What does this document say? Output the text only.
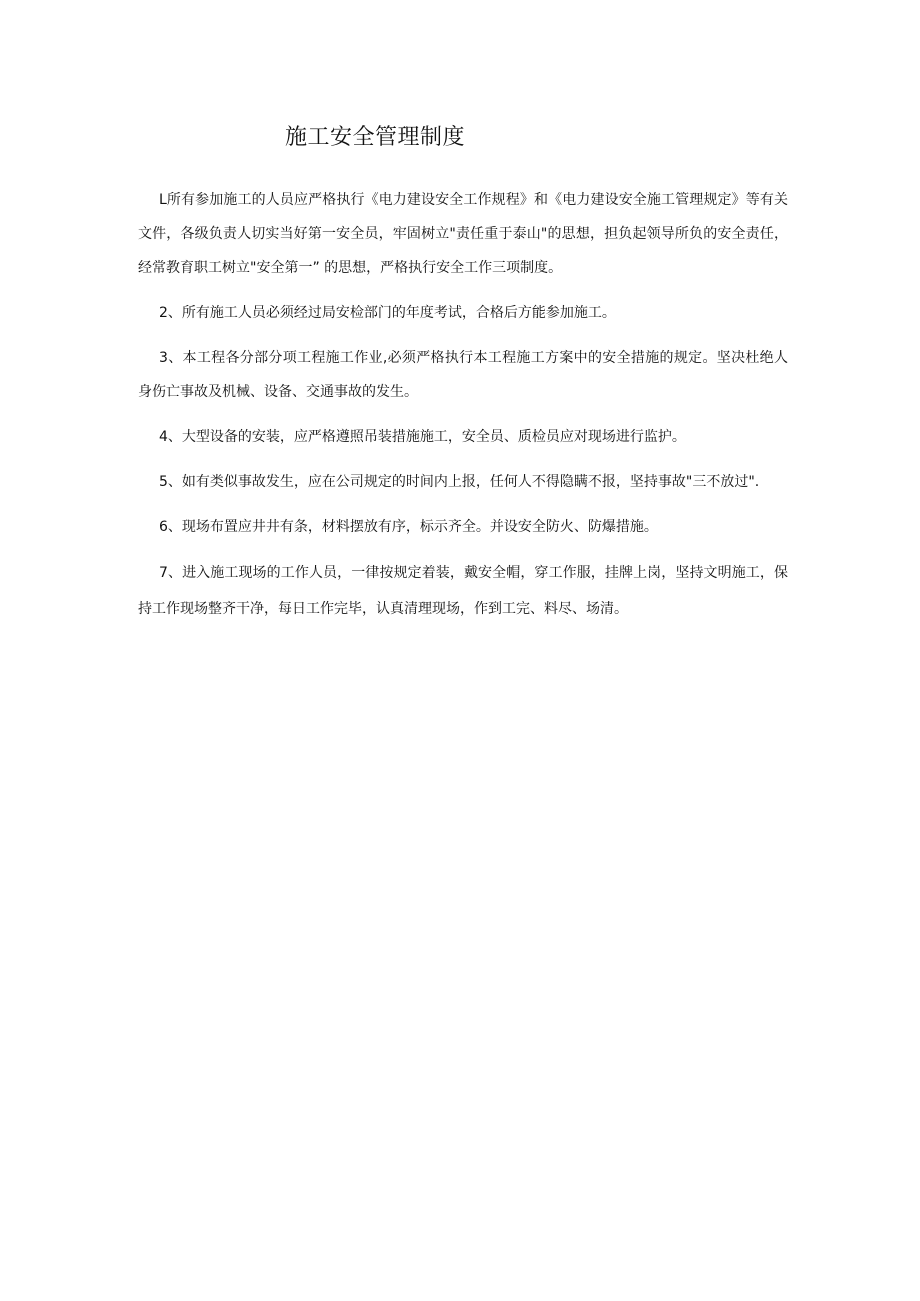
施工安全管理制度

L所有参加施工的人员应严格执行《电力建设安全工作规程》和《电力建设安全施工管理规定》等有关文件，各级负责人切实当好第一安全员，牢固树立"责任重于泰山"的思想，担负起领导所负的安全责任，经常教育职工树立"安全第一” 的思想，严格执行安全工作三项制度。

2、所有施工人员必须经过局安检部门的年度考试，合格后方能参加施工。

3、本工程各分部分项工程施工作业,必须严格执行本工程施工方案中的安全措施的规定。坚决杜绝人身伤亡事故及机械、设备、交通事故的发生。

4、大型设备的安装，应严格遵照吊装措施施工，安全员、质检员应对现场进行监护。

5、如有类似事故发生，应在公司规定的时间内上报，任何人不得隐瞒不报，坚持事故"三不放过".

6、现场布置应井井有条，材料摆放有序，标示齐全。并设安全防火、防爆措施。

7、进入施工现场的工作人员，一律按规定着装，戴安全帽，穿工作服，挂牌上岗，坚持文明施工，保持工作现场整齐干净，每日工作完毕，认真清理现场，作到工完、料尽、场清。
